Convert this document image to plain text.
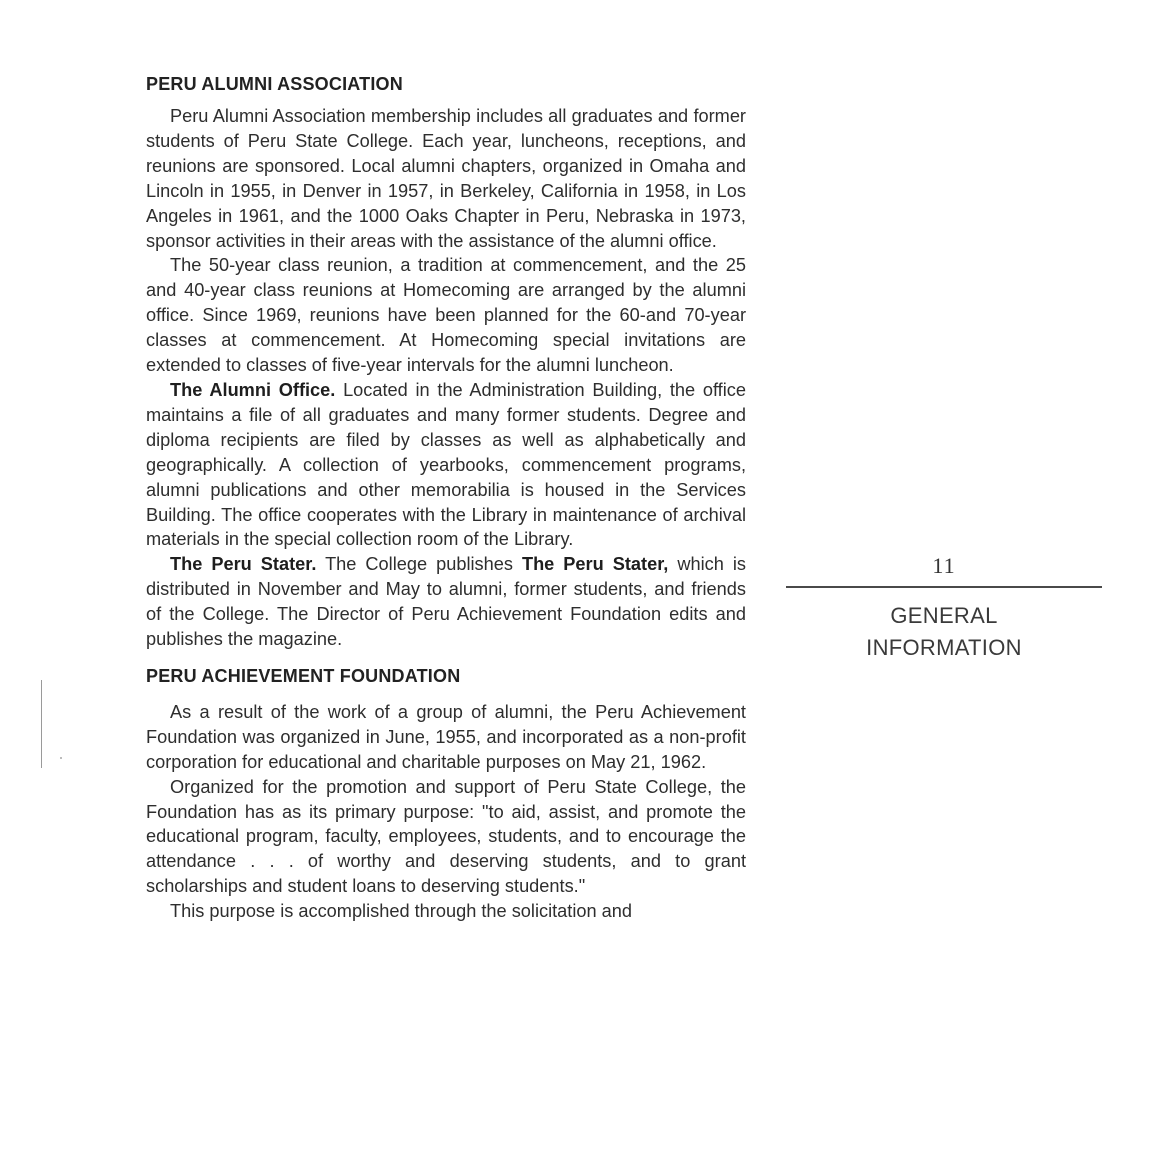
PERU ALUMNI ASSOCIATION

Peru Alumni Association membership includes all graduates and former students of Peru State College. Each year, luncheons, receptions, and reunions are sponsored. Local alumni chapters, organized in Omaha and Lincoln in 1955, in Denver in 1957, in Berkeley, California in 1958, in Los Angeles in 1961, and the 1000 Oaks Chapter in Peru, Nebraska in 1973, sponsor activities in their areas with the assistance of the alumni office.

The 50-year class reunion, a tradition at commencement, and the 25 and 40-year class reunions at Homecoming are arranged by the alumni office. Since 1969, reunions have been planned for the 60-and 70-year classes at commencement. At Homecoming special invitations are extended to classes of five-year intervals for the alumni luncheon.

The Alumni Office. Located in the Administration Building, the office maintains a file of all graduates and many former students. Degree and diploma recipients are filed by classes as well as alphabetically and geographically. A collection of yearbooks, commencement programs, alumni publications and other memorabilia is housed in the Services Building. The office cooperates with the Library in maintenance of archival materials in the special collection room of the Library.

The Peru Stater. The College publishes The Peru Stater, which is distributed in November and May to alumni, former students, and friends of the College. The Director of Peru Achievement Foundation edits and publishes the magazine.

PERU ACHIEVEMENT FOUNDATION

As a result of the work of a group of alumni, the Peru Achievement Foundation was organized in June, 1955, and incorporated as a non-profit corporation for educational and charitable purposes on May 21, 1962.

Organized for the promotion and support of Peru State College, the Foundation has as its primary purpose: "to aid, assist, and promote the educational program, faculty, employees, students, and to encourage the attendance . . . of worthy and deserving students, and to grant scholarships and student loans to deserving students."

This purpose is accomplished through the solicitation and

11
GENERAL
INFORMATION
